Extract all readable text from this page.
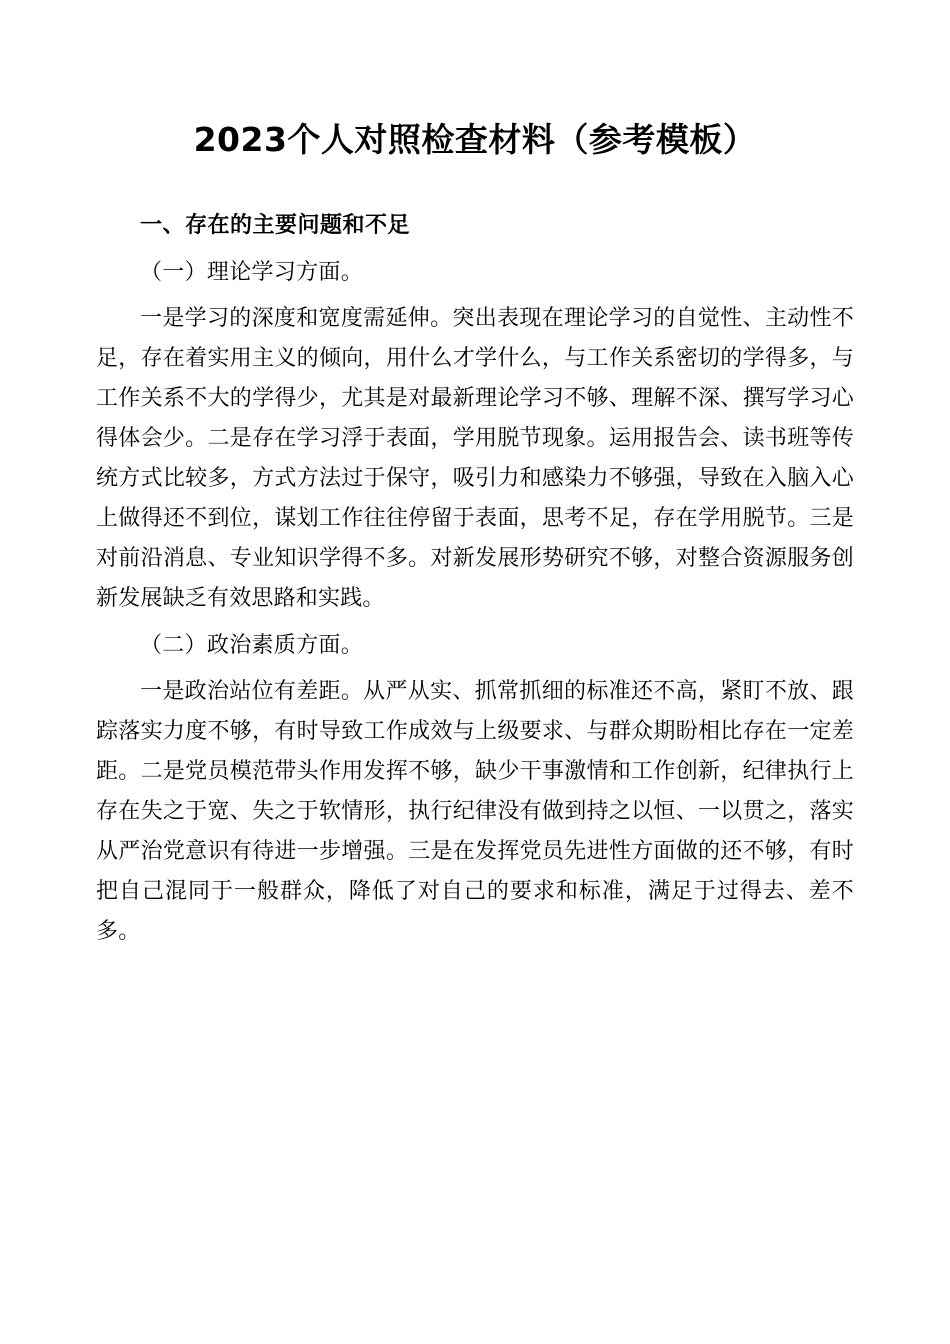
2023个人对照检查材料（参考模板）
一、存在的主要问题和不足
（一）理论学习方面。

一是学习的深度和宽度需延伸。突出表现在理论学习的自觉性、主动性不足，存在着实用主义的倾向，用什么才学什么，与工作关系密切的学得多，与工作关系不大的学得少，尤其是对最新理论学习不够、理解不深、撰写学习心得体会少。二是存在学习浮于表面，学用脱节现象。运用报告会、读书班等传统方式比较多，方式方法过于保守，吸引力和感染力不够强，导致在入脑入心上做得还不到位，谋划工作往往停留于表面，思考不足，存在学用脱节。三是对前沿消息、专业知识学得不多。对新发展形势研究不够，对整合资源服务创新发展缺乏有效思路和实践。

（二）政治素质方面。

一是政治站位有差距。从严从实、抓常抓细的标准还不高，紧盯不放、跟踪落实力度不够，有时导致工作成效与上级要求、与群众期盼相比存在一定差距。二是党员模范带头作用发挥不够，缺少干事激情和工作创新，纪律执行上存在失之于宽、失之于软情形，执行纪律没有做到持之以恒、一以贯之，落实从严治党意识有待进一步增强。三是在发挥党员先进性方面做的还不够，有时把自己混同于一般群众，降低了对自己的要求和标准，满足于过得去、差不多。
